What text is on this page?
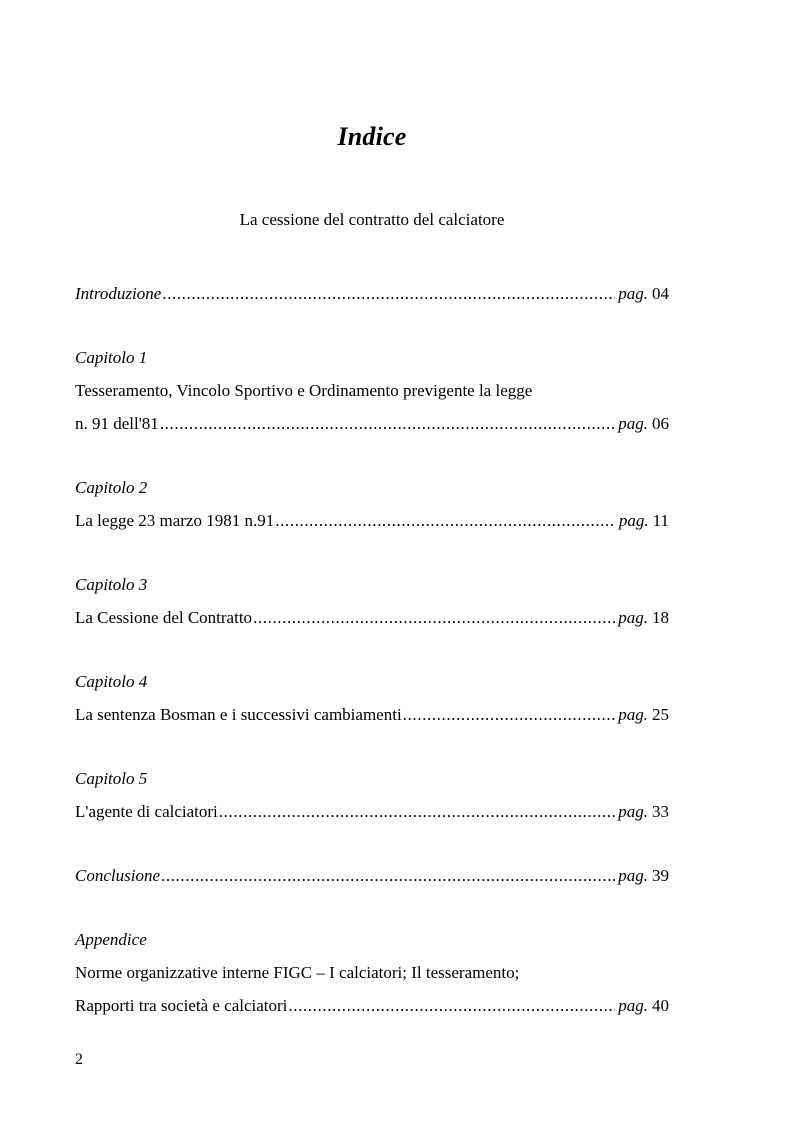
Indice

La cessione del contratto del calciatore

Introduzione .....	pag. 04
Capitolo 1
Tesseramento, Vincolo Sportivo e Ordinamento previgente la legge
n. 91 dell'81 .....	pag. 06
Capitolo 2
La legge 23 marzo 1981 n.91 .....	pag. 11
Capitolo 3
La Cessione del Contratto .....	pag. 18
Capitolo 4
La sentenza Bosman e i successivi cambiamenti .....	pag. 25
Capitolo 5
L'agente di calciatori .....	pag. 33
Conclusione .....	pag. 39
Appendice
Norme organizzative interne FIGC – I calciatori; Il tesseramento;
Rapporti tra società e calciatori .....	pag. 40
2
